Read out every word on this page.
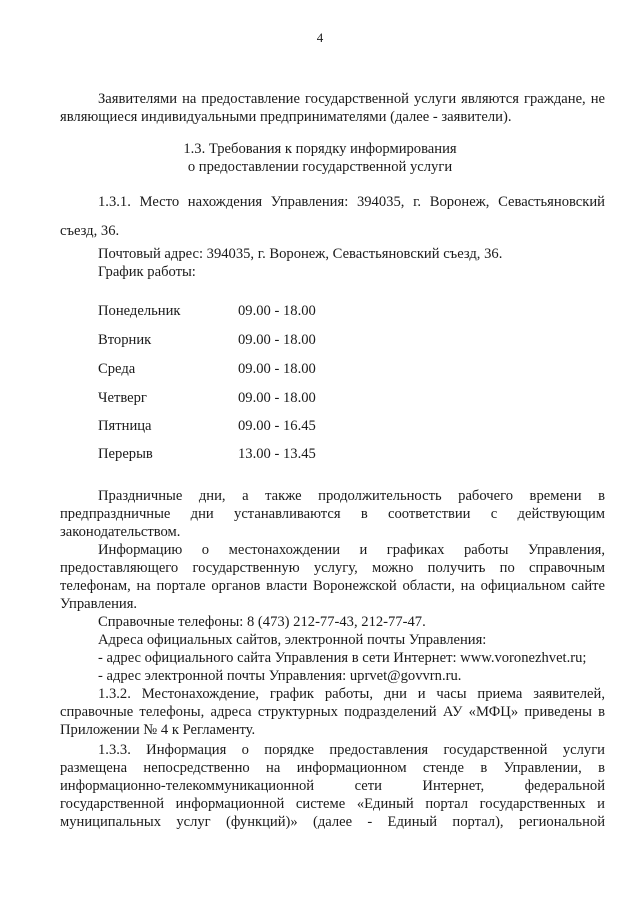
4

Заявителями на предоставление государственной услуги являются граждане, не

являющиеся индивидуальными предпринимателями (далее - заявители).

1.3. Требования к порядку информирования

о предоставлении государственной услуги

1.3.1. Место нахождения Управления: 394035, г. Воронеж, Севастьяновский

съезд, 36.

Почтовый адрес: 394035, г. Воронеж, Севастьяновский съезд, 36.

График работы:

Понедельник	09.00 - 18.00
Вторник	09.00 - 18.00
Среда	09.00 - 18.00
Четверг	09.00 - 18.00
Пятница	09.00 - 16.45
Перерыв	13.00 - 13.45

Праздничные дни, а также продолжительность рабочего времени в

предпраздничные дни устанавливаются в соответствии с действующим

законодательством.

Информацию о местонахождении и графиках работы Управления,

предоставляющего государственную услугу, можно получить по справочным

телефонам, на портале органов власти Воронежской области, на официальном сайте

Управления.

Справочные телефоны: 8 (473) 212-77-43, 212-77-47.

Адреса официальных сайтов, электронной почты Управления:

- адрес официального сайта Управления в сети Интернет: www.voronezhvet.ru;

- адрес электронной почты Управления: uprvet@govvrn.ru.

1.3.2. Местонахождение, график работы, дни и часы приема заявителей,

справочные телефоны, адреса структурных подразделений АУ «МФЦ» приведены в

Приложении № 4 к Регламенту.

1.3.3. Информация о порядке предоставления государственной услуги

размещена непосредственно на информационном стенде в Управлении, в

информационно-телекоммуникационной сети Интернет, федеральной

государственной информационной системе «Единый портал государственных и

муниципальных услуг (функций)» (далее - Единый портал), региональной
